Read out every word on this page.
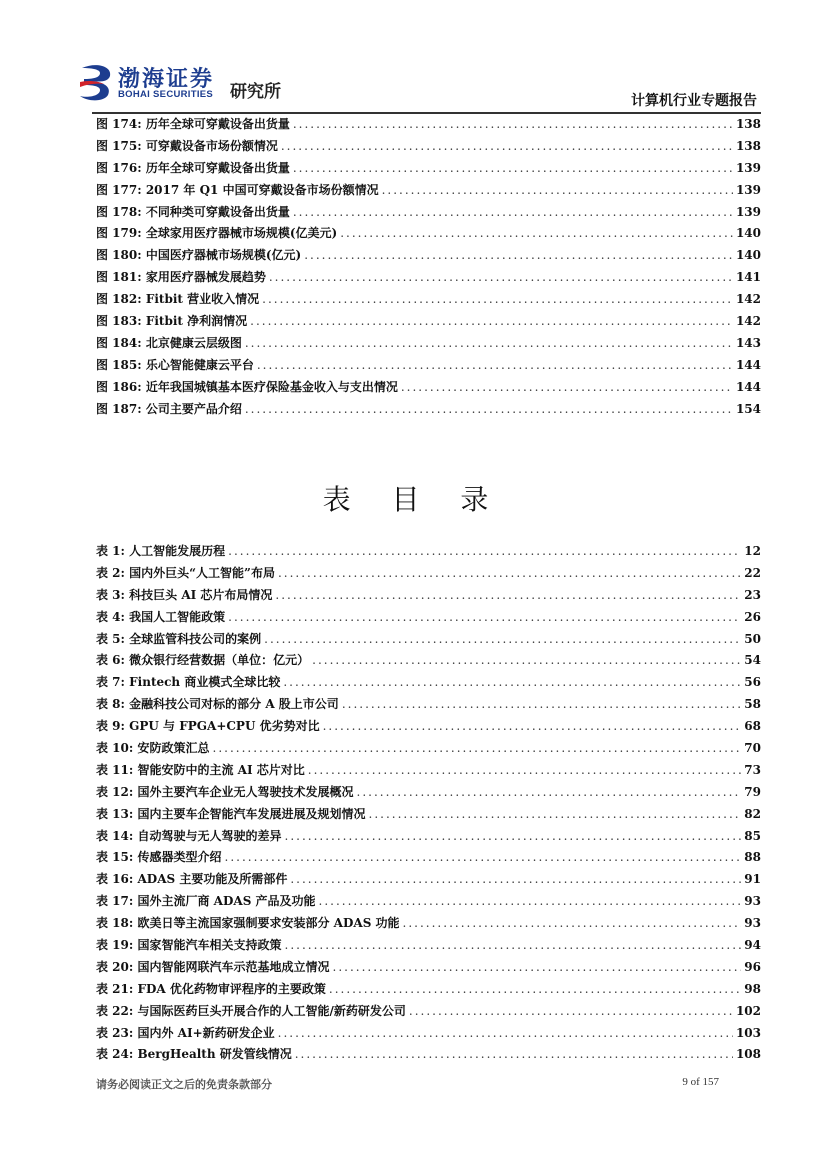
渤海证券
BOHAI SECURITIES 研究所	计算机行业专题报告
图 174: 历年全球可穿戴设备出货量 .....	138
图 175: 可穿戴设备市场份额情况 .....	138
图 176: 历年全球可穿戴设备出货量 .....	139
图 177: 2017 年 Q1 中国可穿戴设备市场份额情况 .....	139
图 178: 不同种类可穿戴设备出货量 .....	139
图 179: 全球家用医疗器械市场规模(亿美元) .....	140
图 180: 中国医疗器械市场规模(亿元) .....	140
图 181: 家用医疗器械发展趋势 .....	141
图 182: Fitbit 营业收入情况 .....	142
图 183: Fitbit 净利润情况 .....	142
图 184: 北京健康云层级图 .....	143
图 185: 乐心智能健康云平台 .....	144
图 186: 近年我国城镇基本医疗保险基金收入与支出情况 .....	144
图 187: 公司主要产品介绍 .....	154
表 目 录
表 1: 人工智能发展历程 .....	12
表 2: 国内外巨头“人工智能”布局 .....	22
表 3: 科技巨头 AI 芯片布局情况 .....	23
表 4: 我国人工智能政策 .....	26
表 5: 全球监管科技公司的案例 .....	50
表 6: 微众银行经营数据（单位：亿元） .....	54
表 7: Fintech 商业模式全球比较 .....	56
表 8: 金融科技公司对标的部分 A 股上市公司 .....	58
表 9: GPU 与 FPGA+CPU 优劣势对比 .....	68
表 10: 安防政策汇总 .....	70
表 11: 智能安防中的主流 AI 芯片对比 .....	73
表 12: 国外主要汽车企业无人驾驶技术发展概况 .....	79
表 13: 国内主要车企智能汽车发展进展及规划情况 .....	82
表 14: 自动驾驶与无人驾驶的差异 .....	85
表 15: 传感器类型介绍 .....	88
表 16: ADAS 主要功能及所需部件 .....	91
表 17: 国外主流厂商 ADAS 产品及功能 .....	93
表 18: 欧美日等主流国家强制要求安装部分 ADAS 功能 .....	93
表 19: 国家智能汽车相关支持政策 .....	94
表 20: 国内智能网联汽车示范基地成立情况 .....	96
表 21: FDA 优化药物审评程序的主要政策 .....	98
表 22: 与国际医药巨头开展合作的人工智能/新药研发公司 .....	102
表 23: 国内外 AI+新药研发企业 .....	103
表 24: BergHealth 研发管线情况 .....	108
请务必阅读正文之后的免责条款部分	9 of 157
